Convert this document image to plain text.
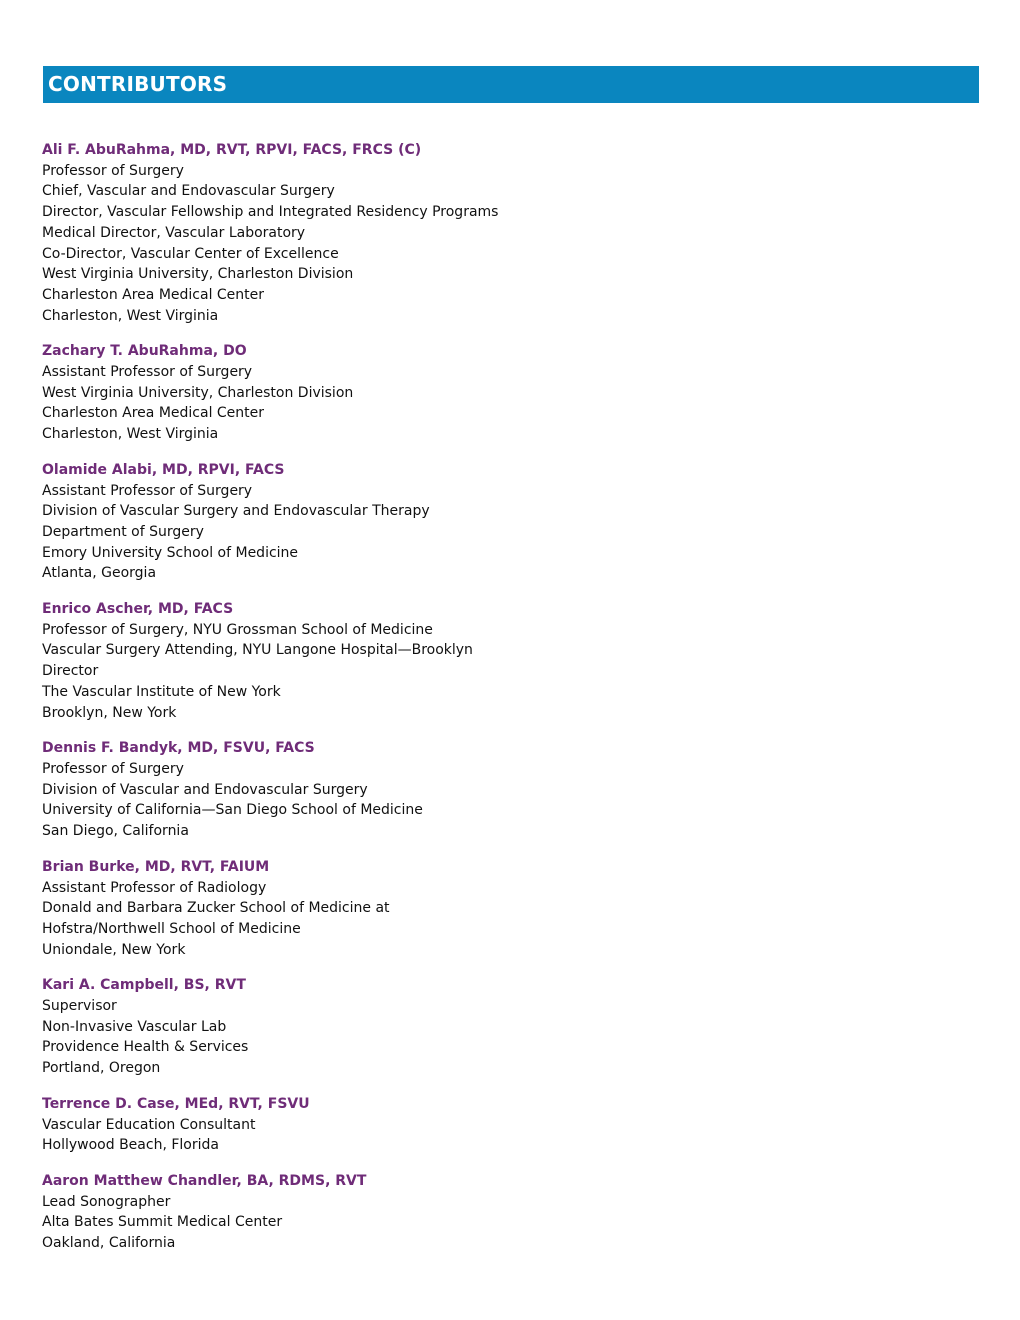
CONTRIBUTORS
Ali F. AbuRahma, MD, RVT, RPVI, FACS, FRCS (C)
Professor of Surgery
Chief, Vascular and Endovascular Surgery
Director, Vascular Fellowship and Integrated Residency Programs
Medical Director, Vascular Laboratory
Co-Director, Vascular Center of Excellence
West Virginia University, Charleston Division
Charleston Area Medical Center
Charleston, West Virginia
Zachary T. AbuRahma, DO
Assistant Professor of Surgery
West Virginia University, Charleston Division
Charleston Area Medical Center
Charleston, West Virginia
Olamide Alabi, MD, RPVI, FACS
Assistant Professor of Surgery
Division of Vascular Surgery and Endovascular Therapy
Department of Surgery
Emory University School of Medicine
Atlanta, Georgia
Enrico Ascher, MD, FACS
Professor of Surgery, NYU Grossman School of Medicine
Vascular Surgery Attending, NYU Langone Hospital—Brooklyn
Director
The Vascular Institute of New York
Brooklyn, New York
Dennis F. Bandyk, MD, FSVU, FACS
Professor of Surgery
Division of Vascular and Endovascular Surgery
University of California—San Diego School of Medicine
San Diego, California
Brian Burke, MD, RVT, FAIUM
Assistant Professor of Radiology
Donald and Barbara Zucker School of Medicine at
Hofstra/Northwell School of Medicine
Uniondale, New York
Kari A. Campbell, BS, RVT
Supervisor
Non-Invasive Vascular Lab
Providence Health & Services
Portland, Oregon
Terrence D. Case, MEd, RVT, FSVU
Vascular Education Consultant
Hollywood Beach, Florida
Aaron Matthew Chandler, BA, RDMS, RVT
Lead Sonographer
Alta Bates Summit Medical Center
Oakland, California
